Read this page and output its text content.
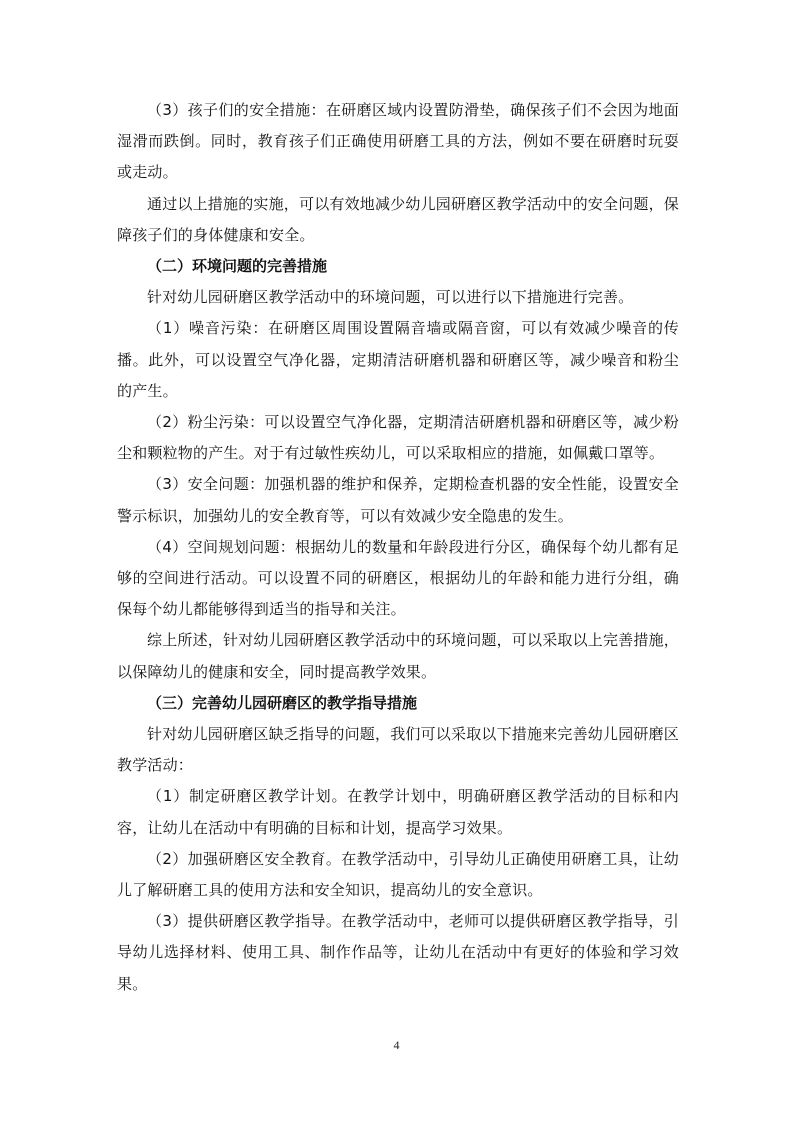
（3）孩子们的安全措施：在研磨区域内设置防滑垫，确保孩子们不会因为地面湿滑而跌倒。同时，教育孩子们正确使用研磨工具的方法，例如不要在研磨时玩耍或走动。

通过以上措施的实施，可以有效地减少幼儿园研磨区教学活动中的安全问题，保障孩子们的身体健康和安全。

（二）环境问题的完善措施

针对幼儿园研磨区教学活动中的环境问题，可以进行以下措施进行完善。

（1）噪音污染：在研磨区周围设置隔音墙或隔音窗，可以有效减少噪音的传播。此外，可以设置空气净化器，定期清洁研磨机器和研磨区等，减少噪音和粉尘的产生。

（2）粉尘污染：可以设置空气净化器，定期清洁研磨机器和研磨区等，减少粉尘和颗粒物的产生。对于有过敏性疾幼儿，可以采取相应的措施，如佩戴口罩等。

（3）安全问题：加强机器的维护和保养，定期检查机器的安全性能，设置安全警示标识，加强幼儿的安全教育等，可以有效减少安全隐患的发生。

（4）空间规划问题：根据幼儿的数量和年龄段进行分区，确保每个幼儿都有足够的空间进行活动。可以设置不同的研磨区，根据幼儿的年龄和能力进行分组，确保每个幼儿都能够得到适当的指导和关注。

综上所述，针对幼儿园研磨区教学活动中的环境问题，可以采取以上完善措施，以保障幼儿的健康和安全，同时提高教学效果。

（三）完善幼儿园研磨区的教学指导措施

针对幼儿园研磨区缺乏指导的问题，我们可以采取以下措施来完善幼儿园研磨区教学活动：

（1）制定研磨区教学计划。在教学计划中，明确研磨区教学活动的目标和内容，让幼儿在活动中有明确的目标和计划，提高学习效果。

（2）加强研磨区安全教育。在教学活动中，引导幼儿正确使用研磨工具，让幼儿了解研磨工具的使用方法和安全知识，提高幼儿的安全意识。

（3）提供研磨区教学指导。在教学活动中，老师可以提供研磨区教学指导，引导幼儿选择材料、使用工具、制作作品等，让幼儿在活动中有更好的体验和学习效果。

4
